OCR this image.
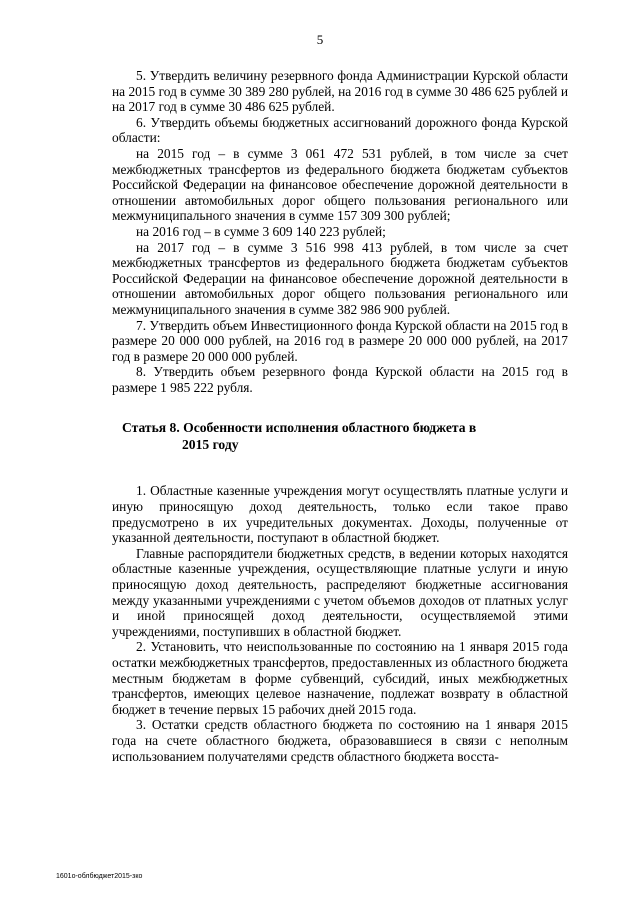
5

5. Утвердить величину резервного фонда Администрации Курской области на 2015 год в сумме 30 389 280 рублей, на 2016 год в сумме 30 486 625 рублей и на 2017 год в сумме 30 486 625 рублей.

6. Утвердить объемы бюджетных ассигнований дорожного фонда Курской области:

на 2015 год – в сумме 3 061 472 531 рублей, в том числе за счет межбюджетных трансфертов из федерального бюджета бюджетам субъектов Российской Федерации на финансовое обеспечение дорожной деятельности в отношении автомобильных дорог общего пользования регионального или межмуниципального значения в сумме 157 309 300 рублей;

на 2016 год – в сумме 3 609 140 223 рублей;

на 2017 год – в сумме 3 516 998 413 рублей, в том числе за счет межбюджетных трансфертов из федерального бюджета бюджетам субъектов Российской Федерации на финансовое обеспечение дорожной деятельности в отношении автомобильных дорог общего пользования регионального или межмуниципального значения в сумме 382 986 900 рублей.

7. Утвердить объем Инвестиционного фонда Курской области на 2015 год в размере 20 000 000 рублей, на 2016 год в размере 20 000 000 рублей, на 2017 год в размере 20 000 000 рублей.

8. Утвердить объем резервного фонда Курской области на 2015 год в размере 1 985 222 рубля.

Статья 8. Особенности исполнения областного бюджета в
2015 году

1. Областные казенные учреждения могут осуществлять платные услуги и иную приносящую доход деятельность, только если такое право предусмотрено в их учредительных документах. Доходы, полученные от указанной деятельности, поступают в областной бюджет.

Главные распорядители бюджетных средств, в ведении которых находятся областные казенные учреждения, осуществляющие платные услуги и иную приносящую доход деятельность, распределяют бюджетные ассигнования между указанными учреждениями с учетом объемов доходов от платных услуг и иной приносящей доход деятельности, осуществляемой этими учреждениями, поступивших в областной бюджет.

2. Установить, что неиспользованные по состоянию на 1 января 2015 года остатки межбюджетных трансфертов, предоставленных из областного бюджета местным бюджетам в форме субвенций, субсидий, иных межбюджетных трансфертов, имеющих целевое назначение, подлежат возврату в областной бюджет в течение первых 15 рабочих дней 2015 года.

3. Остатки средств областного бюджета по состоянию на 1 января 2015 года на счете областного бюджета, образовавшиеся в связи с неполным использованием получателями средств областного бюджета восста-

1601о-облбюджет2015-зко
